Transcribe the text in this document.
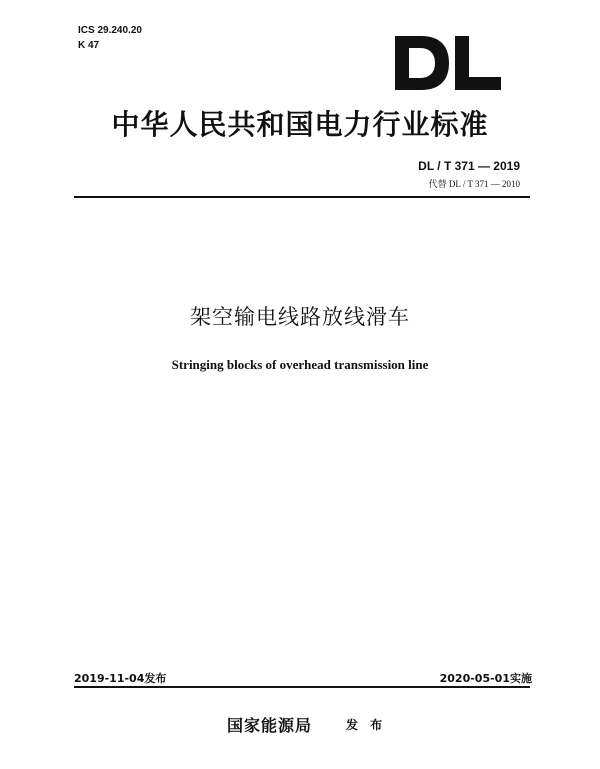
ICS 29.240.20
K 47
中华人民共和国电力行业标准
DL / T 371 — 2019
代替 DL / T 371 — 2010
架空输电线路放线滑车
Stringing blocks of overhead transmission line
2019-11-04发布	2020-05-01实施
国家能源局	发 布
